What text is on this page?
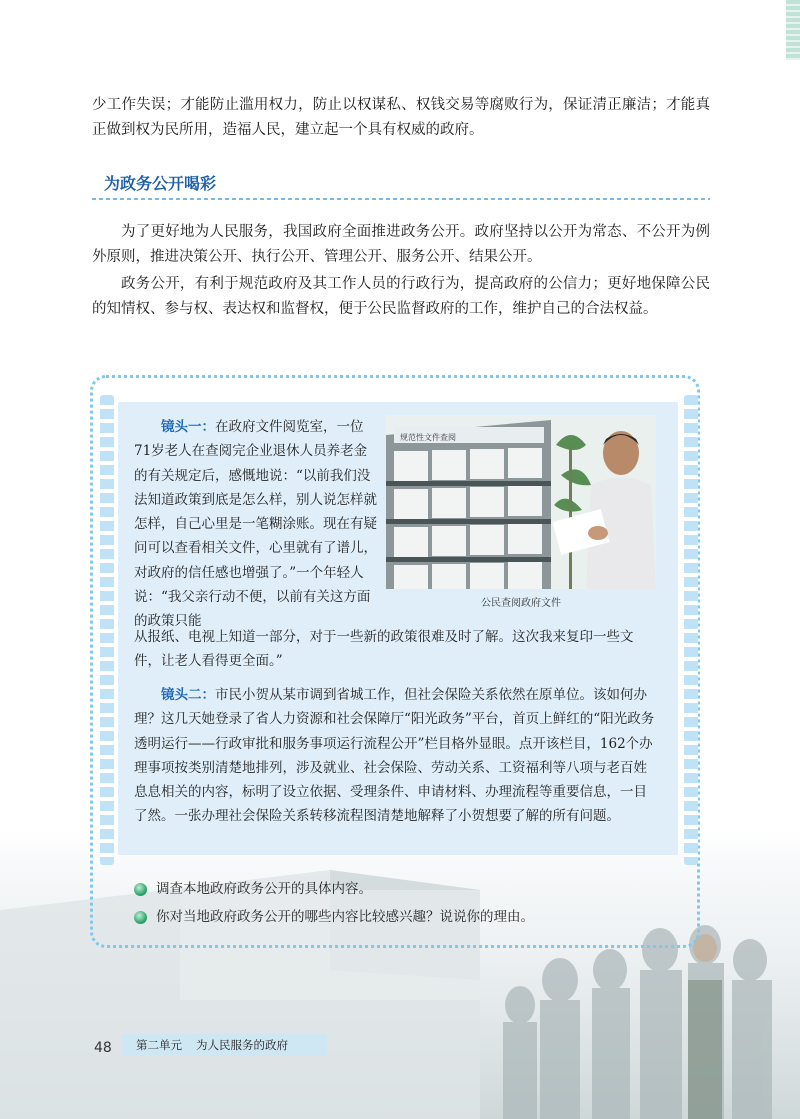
少工作失误；才能防止滥用权力，防止以权谋私、权钱交易等腐败行为，保证清正廉洁；才能真正做到权为民所用，造福人民，建立起一个具有权威的政府。

为政务公开喝彩

为了更好地为人民服务，我国政府全面推进政务公开。政府坚持以公开为常态、不公开为例外原则，推进决策公开、执行公开、管理公开、服务公开、结果公开。

政务公开，有利于规范政府及其工作人员的行政行为，提高政府的公信力；更好地保障公民的知情权、参与权、表达权和监督权，便于公民监督政府的工作，维护自己的合法权益。

镜头一：在政府文件阅览室，一位71岁老人在查阅完企业退休人员养老金的有关规定后，感慨地说：“以前我们没法知道政策到底是怎么样，别人说怎样就怎样，自己心里是一笔糊涂账。现在有疑问可以查看相关文件，心里就有了谱儿，对政府的信任感也增强了。”一个年轻人说：“我父亲行动不便，以前有关这方面的政策只能

规范性文件查阅
公民查阅政府文件

从报纸、电视上知道一部分，对于一些新的政策很难及时了解。这次我来复印一些文件，让老人看得更全面。”

镜头二：市民小贺从某市调到省城工作，但社会保险关系依然在原单位。该如何办理？这几天她登录了省人力资源和社会保障厅“阳光政务”平台，首页上鲜红的“阳光政务透明运行——行政审批和服务事项运行流程公开”栏目格外显眼。点开该栏目，162个办理事项按类别清楚地排列，涉及就业、社会保险、劳动关系、工资福利等八项与老百姓息息相关的内容，标明了设立依据、受理条件、申请材料、办理流程等重要信息，一目了然。一张办理社会保险关系转移流程图清楚地解释了小贺想要了解的所有问题。

调查本地政府政务公开的具体内容。
你对当地政府政务公开的哪些内容比较感兴趣？说说你的理由。
48	第二单元 为人民服务的政府
